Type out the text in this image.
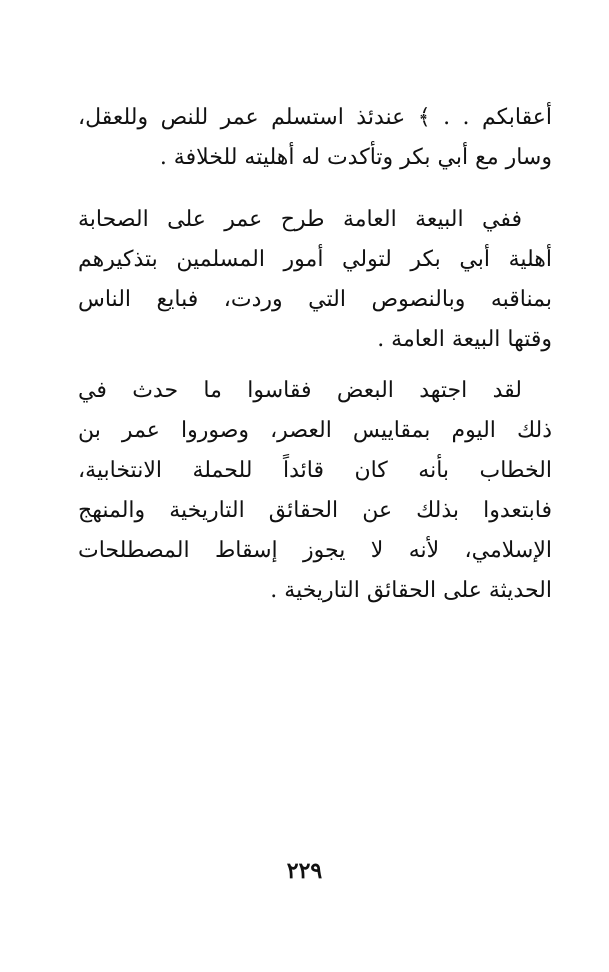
أعقابكم . . ﴾ عندئذ استسلم عمر للنص وللعقل،
وسار مع أبي بكر وتأكدت له أهليته للخلافة .
ففي البيعة العامة طرح عمر على الصحابة
أهلية أبي بكر لتولي أمور المسلمين بتذكيرهم
بمناقبه وبالنصوص التي وردت، فبايع الناس
وقتها البيعة العامة .
لقد اجتهد البعض فقاسوا ما حدث في
ذلك اليوم بمقاييس العصر، وصوروا عمر بن
الخطاب بأنه كان قائداً للحملة الانتخابية،
فابتعدوا بذلك عن الحقائق التاريخية والمنهج
الإسلامي، لأنه لا يجوز إسقاط المصطلحات
الحديثة على الحقائق التاريخية .
٢٢٩
